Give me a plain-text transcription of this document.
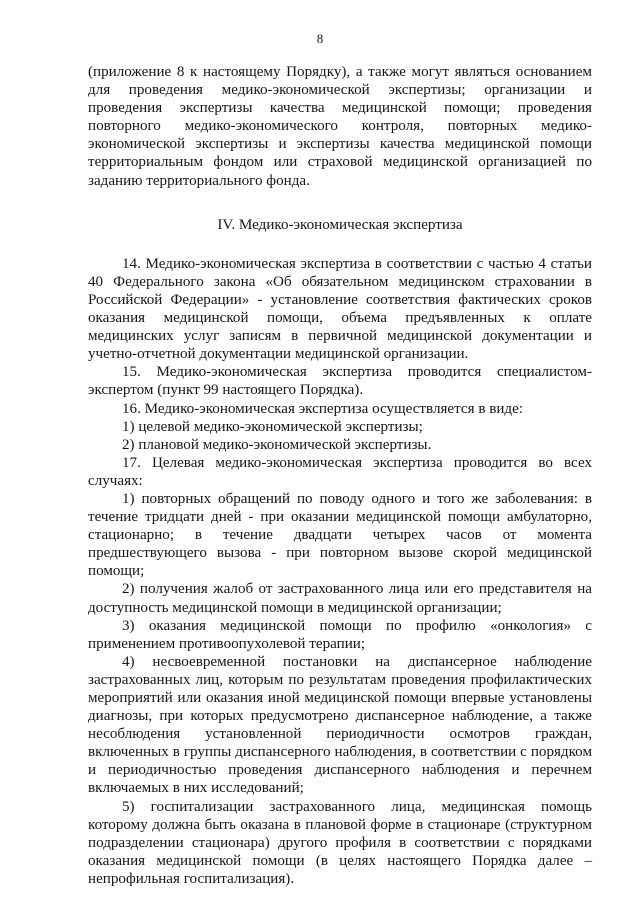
8

(приложение 8 к настоящему Порядку), а также могут являться основанием для проведения медико-экономической экспертизы; организации и проведения экспертизы качества медицинской помощи; проведения повторного медико-экономического контроля, повторных медико-экономической экспертизы и экспертизы качества медицинской помощи территориальным фондом или страховой медицинской организацией по заданию территориального фонда.

IV. Медико-экономическая экспертиза

14. Медико-экономическая экспертиза в соответствии с частью 4 статьи 40 Федерального закона «Об обязательном медицинском страховании в Российской Федерации» - установление соответствия фактических сроков оказания медицинской помощи, объема предъявленных к оплате медицинских услуг записям в первичной медицинской документации и учетно-отчетной документации медицинской организации.

15. Медико-экономическая экспертиза проводится специалистом-экспертом (пункт 99 настоящего Порядка).

16. Медико-экономическая экспертиза осуществляется в виде:

1) целевой медико-экономической экспертизы;

2) плановой медико-экономической экспертизы.

17. Целевая медико-экономическая экспертиза проводится во всех случаях:

1) повторных обращений по поводу одного и того же заболевания: в течение тридцати дней - при оказании медицинской помощи амбулаторно, стационарно; в течение двадцати четырех часов от момента предшествующего вызова - при повторном вызове скорой медицинской помощи;

2) получения жалоб от застрахованного лица или его представителя на доступность медицинской помощи в медицинской организации;

3) оказания медицинской помощи по профилю «онкология» с применением противоопухолевой терапии;

4) несвоевременной постановки на диспансерное наблюдение застрахованных лиц, которым по результатам проведения профилактических мероприятий или оказания иной медицинской помощи впервые установлены диагнозы, при которых предусмотрено диспансерное наблюдение, а также несоблюдения установленной периодичности осмотров граждан, включенных в группы диспансерного наблюдения, в соответствии с порядком и периодичностью проведения диспансерного наблюдения и перечнем включаемых в них исследований;

5) госпитализации застрахованного лица, медицинская помощь которому должна быть оказана в плановой форме в стационаре (структурном подразделении стационара) другого профиля в соответствии с порядками оказания медицинской помощи (в целях настоящего Порядка далее – непрофильная госпитализация).
